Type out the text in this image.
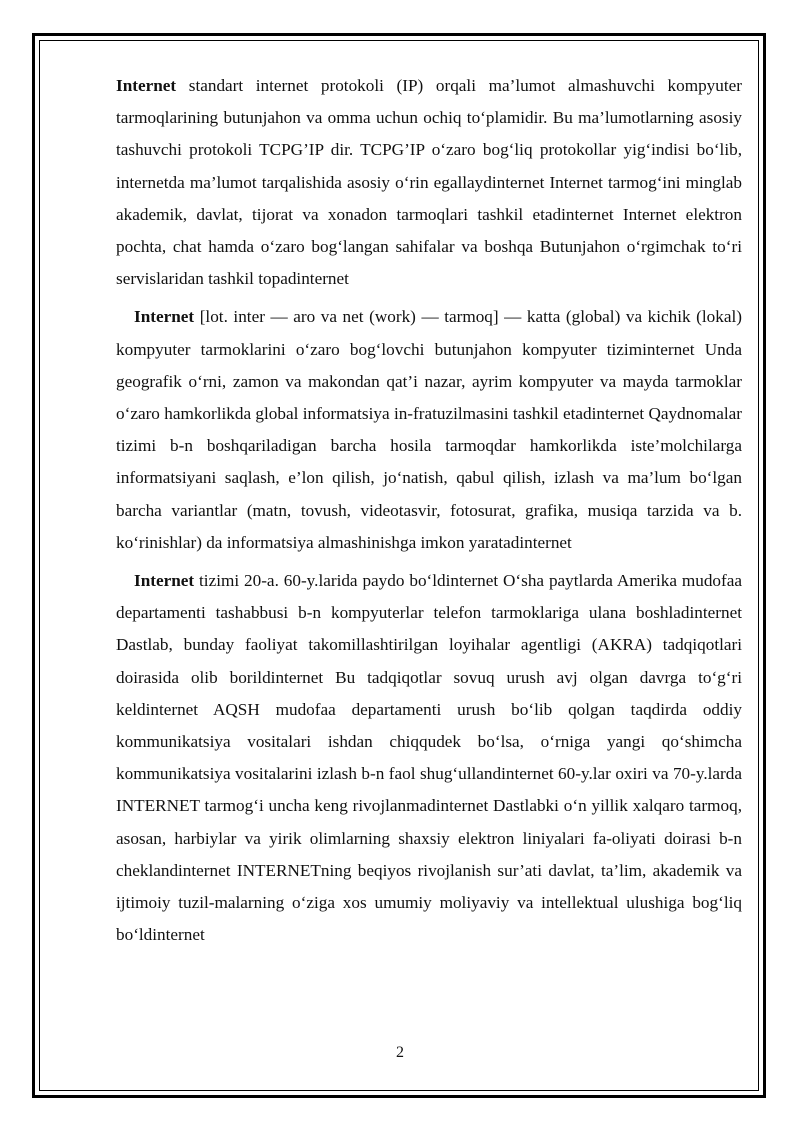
Internet standart internet protokoli (IP) orqali ma’lumot almashuvchi kompyuter tarmoqlarining butunjahon va omma uchun ochiq to‘plamidir. Bu ma’lumotlarning asosiy tashuvchi protokoli TCPG’IP dir. TCPG’IP o‘zaro bog‘liq protokollar yig‘indisi bo‘lib, internetda ma’lumot tarqalishida asosiy o‘rin egallaydinternet Internet tarmog‘ini minglab akademik, davlat, tijorat va xonadon tarmoqlari tashkil etadinternet Internet elektron pochta, chat hamda o‘zaro bog‘langan sahifalar va boshqa Butunjahon o‘rgimchak to‘ri servislaridan tashkil topadinternet

Internet [lot. inter — aro va net (work) — tarmoq] — katta (global) va kichik (lokal) kompyuter tarmoklarini o‘zaro bog‘lovchi butunjahon kompyuter tiziminternet Unda geografik o‘rni, zamon va makondan qat’i nazar, ayrim kompyuter va mayda tarmoklar o‘zaro hamkorlikda global informatsiya in-fratuzilmasini tashkil etadinternet Qaydnomalar tizimi b-n boshqariladigan barcha hosila tarmoqdar hamkorlikda iste’molchilarga informatsiyani saqlash, e’lon qilish, jo‘natish, qabul qilish, izlash va ma’lum bo‘lgan barcha variantlar (matn, tovush, videotasvir, fotosurat, grafika, musiqa tarzida va b. ko‘rinishlar) da informatsiya almashinishga imkon yaratadinternet

Internet tizimi 20-a. 60-y.larida paydo bo‘ldinternet O‘sha paytlarda Amerika mudofaa departamenti tashabbusi b-n kompyuterlar telefon tarmoklariga ulana boshladinternet Dastlab, bunday faoliyat takomillashtirilgan loyihalar agentligi (AKRA) tadqiqotlari doirasida olib borildinternet Bu tadqiqotlar sovuq urush avj olgan davrga to‘g‘ri keldinternet AQSH mudofaa departamenti urush bo‘lib qolgan taqdirda oddiy kommunikatsiya vositalari ishdan chiqqudek bo‘lsa, o‘rniga yangi qo‘shimcha kommunikatsiya vositalarini izlash b-n faol shug‘ullandinternet 60-y.lar oxiri va 70-y.larda INTERNET tarmog‘i uncha keng rivojlanmadinternet Dastlabki o‘n yillik xalqaro tarmoq, asosan, harbiylar va yirik olimlarning shaxsiy elektron liniyalari fa-oliyati doirasi b-n cheklandinternet INTERNETning beqiyos rivojlanish sur’ati davlat, ta’lim, akademik va ijtimoiy tuzil-malarning o‘ziga xos umumiy moliyaviy va intellektual ulushiga bog‘liq bo‘ldinternet

2
